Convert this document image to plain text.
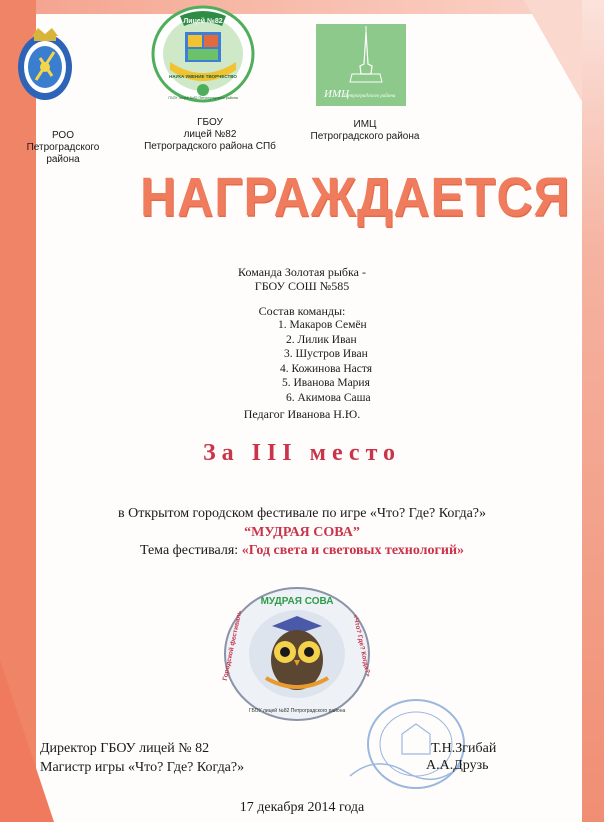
РОО
Петроградского
района
Лицей №82
НАУКА УМЕНИЕ ТВОРЧЕСТВО
ГБОУ лицей №82 Петроградского района
ГБОУ
лицей №82
Петроградского района СПб
ИМЦ
Петроградского района
ИМЦ
Петроградского района
НАГРАЖДАЕТСЯ
Команда Золотая рыбка -
ГБОУ СОШ №585
Состав команды:
1. Макаров Семён
2. Лилик Иван
3. Шустров Иван
4. Кожинова Настя
5. Иванова Мария
6. Акимова Саша
Педагог Иванова Н.Ю.
За III место
в Открытом городском фестивале по игре «Что? Где? Когда?»
“МУДРАЯ СОВА”
Тема фестиваля: «Год света и световых технологий»
МУДРАЯ СОВА
Городской фестиваль	«Что? Где? Когда?»
ГБОУ лицей №82 Петроградского района
Директор ГБОУ лицей № 82	Т.Н.Згибай
Магистр игры «Что? Где? Когда?»	А.А.Друзь
17 декабря 2014 года
